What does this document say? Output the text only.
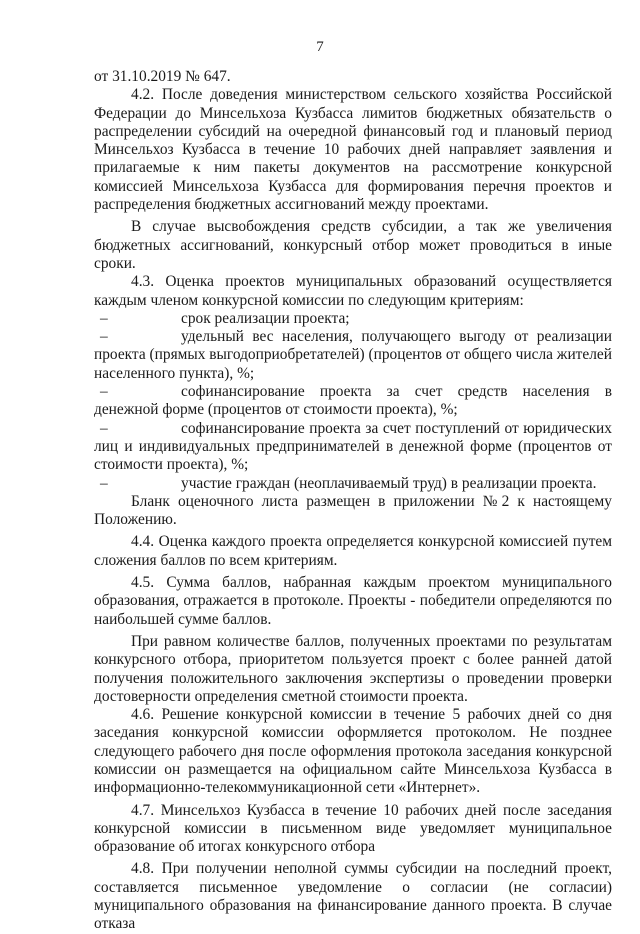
7

от 31.10.2019 № 647.

4.2. После доведения министерством сельского хозяйства Российской Федерации до Минсельхоза Кузбасса лимитов бюджетных обязательств о распределении субсидий на очередной финансовый год и плановый период Минсельхоз Кузбасса в течение 10 рабочих дней направляет заявления и прилагаемые к ним пакеты документов на рассмотрение конкурсной комиссией Минсельхоза Кузбасса для формирования перечня проектов и распределения бюджетных ассигнований между проектами.

В случае высвобождения средств субсидии, а так же увеличения бюджетных ассигнований, конкурсный отбор может проводиться в иные сроки.

4.3. Оценка проектов муниципальных образований осуществляется каждым членом конкурсной комиссии по следующим критериям:

–	срок реализации проекта;

–	удельный вес населения, получающего выгоду от реализации проекта (прямых выгодоприобретателей) (процентов от общего числа жителей населенного пункта), %;

–	софинансирование проекта за счет средств населения в денежной форме (процентов от стоимости проекта), %;

–	софинансирование проекта за счет поступлений от юридических лиц и индивидуальных предпринимателей в денежной форме (процентов от стоимости проекта), %;

–	участие граждан (неоплачиваемый труд) в реализации проекта.

Бланк оценочного листа размещен в приложении №2 к настоящему Положению.

4.4. Оценка каждого проекта определяется конкурсной комиссией путем сложения баллов по всем критериям.

4.5. Сумма баллов, набранная каждым проектом муниципального образования, отражается в протоколе. Проекты - победители определяются по наибольшей сумме баллов.

При равном количестве баллов, полученных проектами по результатам конкурсного отбора, приоритетом пользуется проект с более ранней датой получения положительного заключения экспертизы о проведении проверки достоверности определения сметной стоимости проекта.

4.6. Решение конкурсной комиссии в течение 5 рабочих дней со дня заседания конкурсной комиссии оформляется протоколом. Не позднее следующего рабочего дня после оформления протокола заседания конкурсной комиссии он размещается на официальном сайте Минсельхоза Кузбасса в информационно-телекоммуникационной сети «Интернет».

4.7. Минсельхоз Кузбасса в течение 10 рабочих дней после заседания конкурсной комиссии в письменном виде уведомляет муниципальное образование об итогах конкурсного отбора

4.8. При получении неполной суммы субсидии на последний проект, составляется письменное уведомление о согласии (не согласии) муниципального образования на финансирование данного проекта. В случае отказа
